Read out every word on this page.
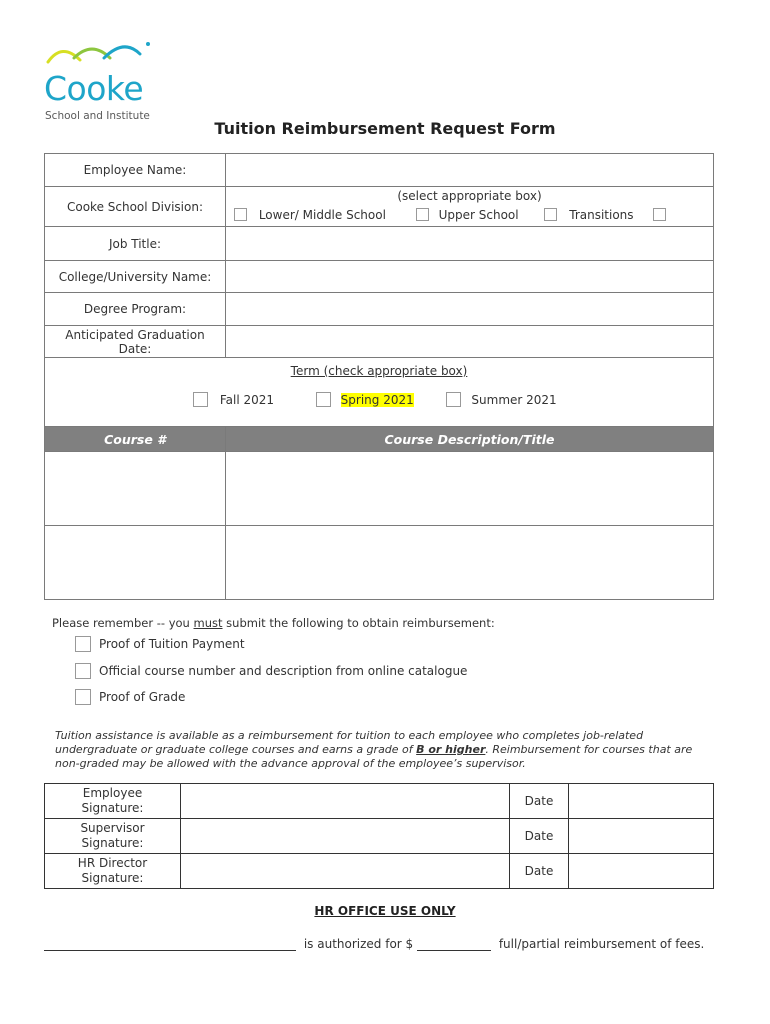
Cooke
School and Institute
Tuition Reimbursement Request Form
Employee Name:	
Cooke School Division:	(select appropriate box)
Lower/ Middle School Upper School Transitions

Job Title:	
College/University Name:	
Degree Program:	

Anticipated Graduation
Date:	

Term (check appropriate box)
Fall 2021 Spring 2021 Summer 2021	

Course #	Course Description/Title

Please remember -- you must submit the following to obtain reimbursement:
Proof of Tuition Payment
Official course number and description from online catalogue
Proof of Grade
Tuition assistance is available as a reimbursement for tuition to each employee who completes job-related undergraduate or graduate college courses and earns a grade of B or higher. Reimbursement for courses that are non-graded may be allowed with the advance approval of the employee’s supervisor.
Employee
Signature:		Date	

Supervisor
Signature:		Date	

HR Director
Signature:		Date	
HR OFFICE USE ONLY
is authorized for $	full/partial reimbursement of fees.
